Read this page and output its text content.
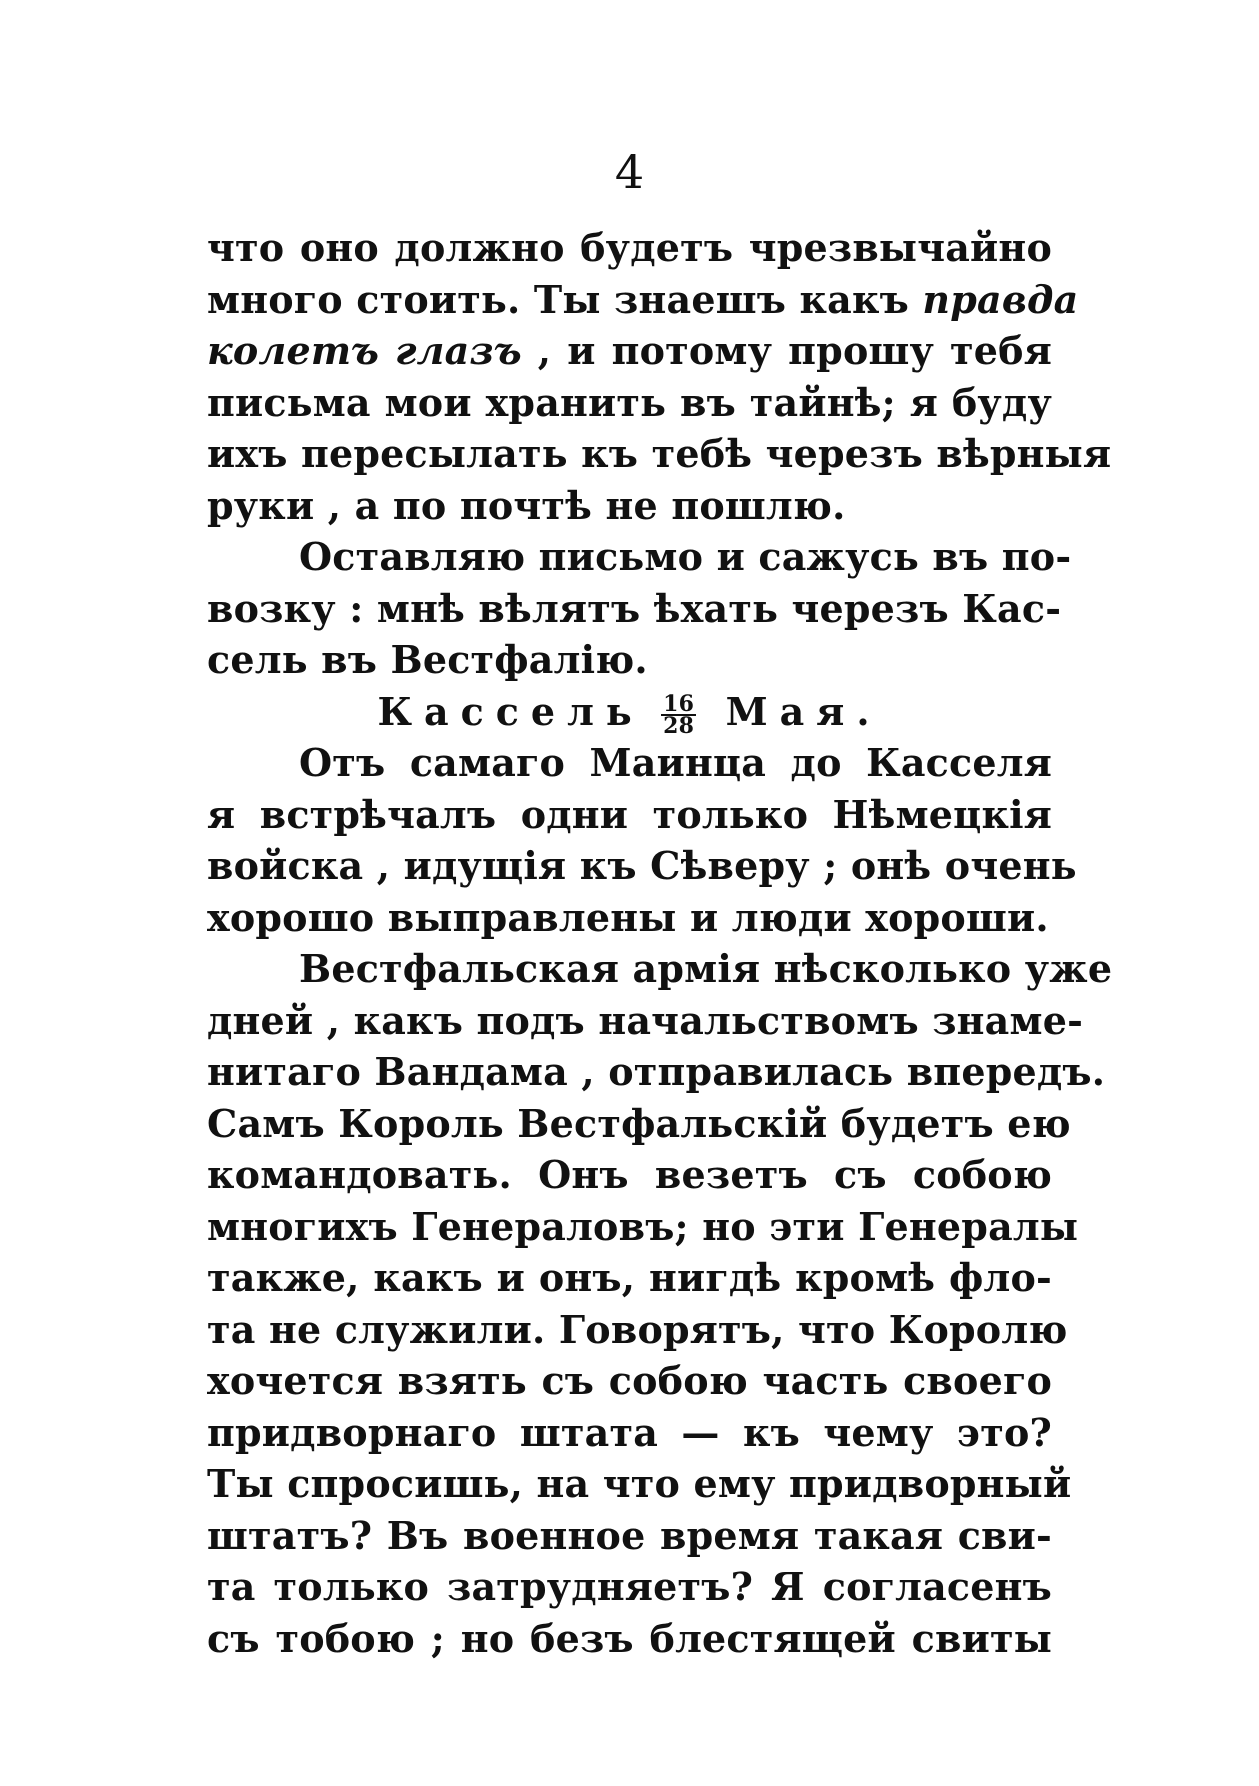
4
что оно должно будетъ чрезвычайно
много стоить. Ты знаешъ какъ правда
колетъ глазъ , и потому прошу тебя
письма мои хранить въ тайнѣ; я буду
ихъ пересылать къ тебѣ черезъ вѣрныя
руки , а по почтѣ не пошлю.
Оставляю письмо и сажусь въ по-
возку : мнѣ вѣлятъ ѣхать черезъ Кас-
сель въ Вестфалію.
Кассель $\frac{16}{28}$ Мая.
Отъ самаго Маинца до Касселя
я встрѣчалъ одни только Нѣмецкія
войска , идущія къ Сѣверу ; онѣ очень
хорошо выправлены и люди хороши.
Вестфальская армія нѣсколько уже
дней , какъ подъ начальствомъ знаме-
нитаго Вандама , отправилась впередъ.
Самъ Король Вестфальскій будетъ ею
командовать. Онъ везетъ съ собою
многихъ Генераловъ; но эти Генералы
также, какъ и онъ, нигдѣ кромѣ фло-
та не служили. Говорятъ, что Королю
хочется взять съ собою часть своего
придворнаго штата — къ чему это?
Ты спросишь, на что ему придворный
штатъ? Въ военное время такая сви-
та только затрудняетъ? Я согласенъ
съ тобою ; но безъ блестящей свиты
